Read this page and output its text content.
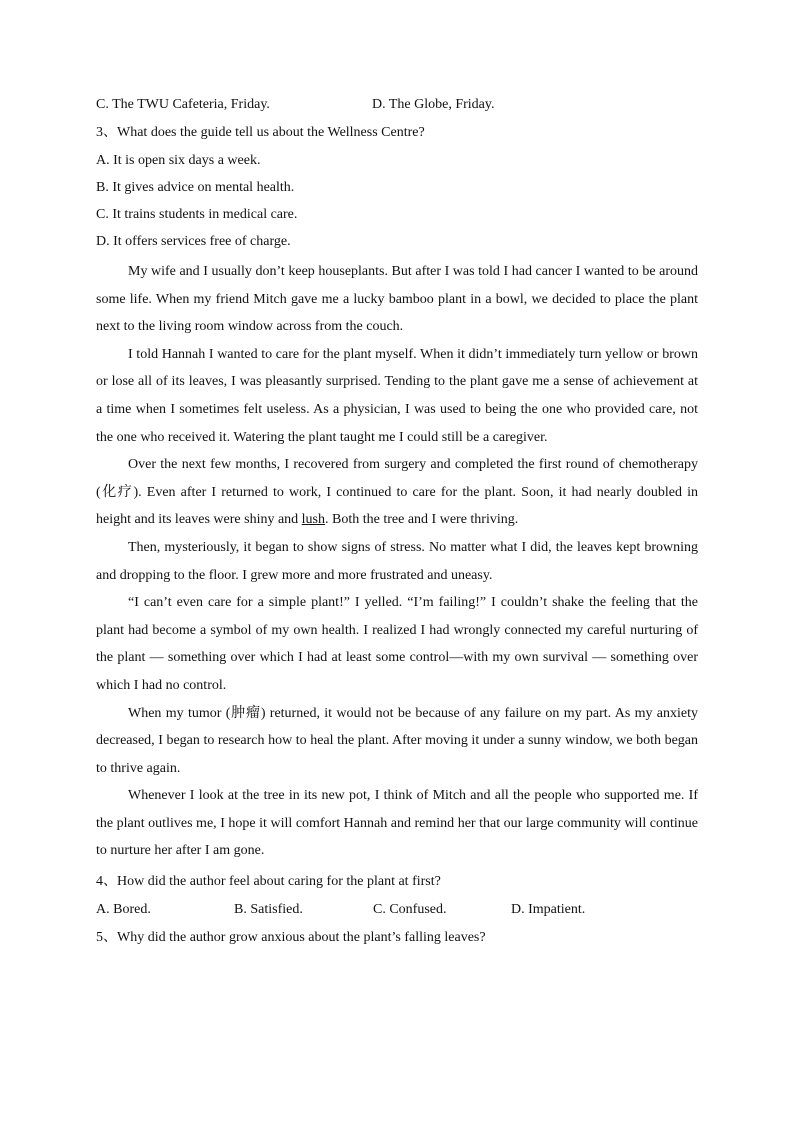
C. The TWU Cafeteria, Friday.	D. The Globe, Friday.
3、What does the guide tell us about the Wellness Centre?
A. It is open six days a week.
B. It gives advice on mental health.
C. It trains students in medical care.
D. It offers services free of charge.

My wife and I usually don’t keep houseplants. But after I was told I had cancer I wanted to be around some life. When my friend Mitch gave me a lucky bamboo plant in a bowl, we decided to place the plant next to the living room window across from the couch.

I told Hannah I wanted to care for the plant myself. When it didn’t immediately turn yellow or brown or lose all of its leaves, I was pleasantly surprised. Tending to the plant gave me a sense of achievement at a time when I sometimes felt useless. As a physician, I was used to being the one who provided care, not the one who received it. Watering the plant taught me I could still be a caregiver.

Over the next few months, I recovered from surgery and completed the first round of chemotherapy (化疗). Even after I returned to work, I continued to care for the plant. Soon, it had nearly doubled in height and its leaves were shiny and lush. Both the tree and I were thriving.

Then, mysteriously, it began to show signs of stress. No matter what I did, the leaves kept browning and dropping to the floor. I grew more and more frustrated and uneasy.

“I can’t even care for a simple plant!” I yelled. “I’m failing!” I couldn’t shake the feeling that the plant had become a symbol of my own health. I realized I had wrongly connected my careful nurturing of the plant — something over which I had at least some control—with my own survival — something over which I had no control.

When my tumor (肿瘤) returned, it would not be because of any failure on my part. As my anxiety decreased, I began to research how to heal the plant. After moving it under a sunny window, we both began to thrive again.

Whenever I look at the tree in its new pot, I think of Mitch and all the people who supported me. If the plant outlives me, I hope it will comfort Hannah and remind her that our large community will continue to nurture her after I am gone.

4、How did the author feel about caring for the plant at first?
A. Bored.	B. Satisfied.	C. Confused.	D. Impatient.
5、Why did the author grow anxious about the plant’s falling leaves?
